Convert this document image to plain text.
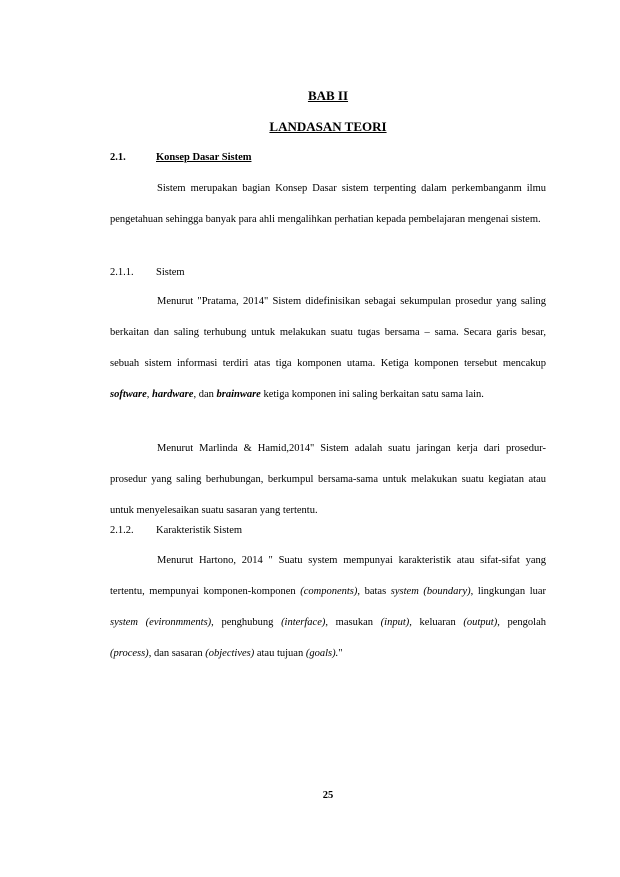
BAB II
LANDASAN TEORI
2.1.	Konsep Dasar Sistem

Sistem merupakan bagian Konsep Dasar sistem terpenting dalam perkembanganm ilmu pengetahuan sehingga banyak para ahli mengalihkan perhatian kepada pembelajaran mengenai sistem.

2.1.1. Sistem

Menurut "Pratama, 2014" Sistem didefinisikan sebagai sekumpulan prosedur yang saling berkaitan dan saling terhubung untuk melakukan suatu tugas bersama – sama. Secara garis besar, sebuah sistem informasi terdiri atas tiga komponen utama. Ketiga komponen tersebut mencakup software, hardware, dan brainware ketiga komponen ini saling berkaitan satu sama lain.

Menurut Marlinda & Hamid,2014" Sistem adalah suatu jaringan kerja dari prosedur-prosedur yang saling berhubungan, berkumpul bersama-sama untuk melakukan suatu kegiatan atau untuk menyelesaikan suatu sasaran yang tertentu.

2.1.2. Karakteristik Sistem

Menurut Hartono, 2014 " Suatu system mempunyai karakteristik atau sifat-sifat yang tertentu, mempunyai komponen-komponen (components), batas system (boundary), lingkungan luar system (evironmments), penghubung (interface), masukan (input), keluaran (output), pengolah (process), dan sasaran (objectives) atau tujuan (goals)."

25
